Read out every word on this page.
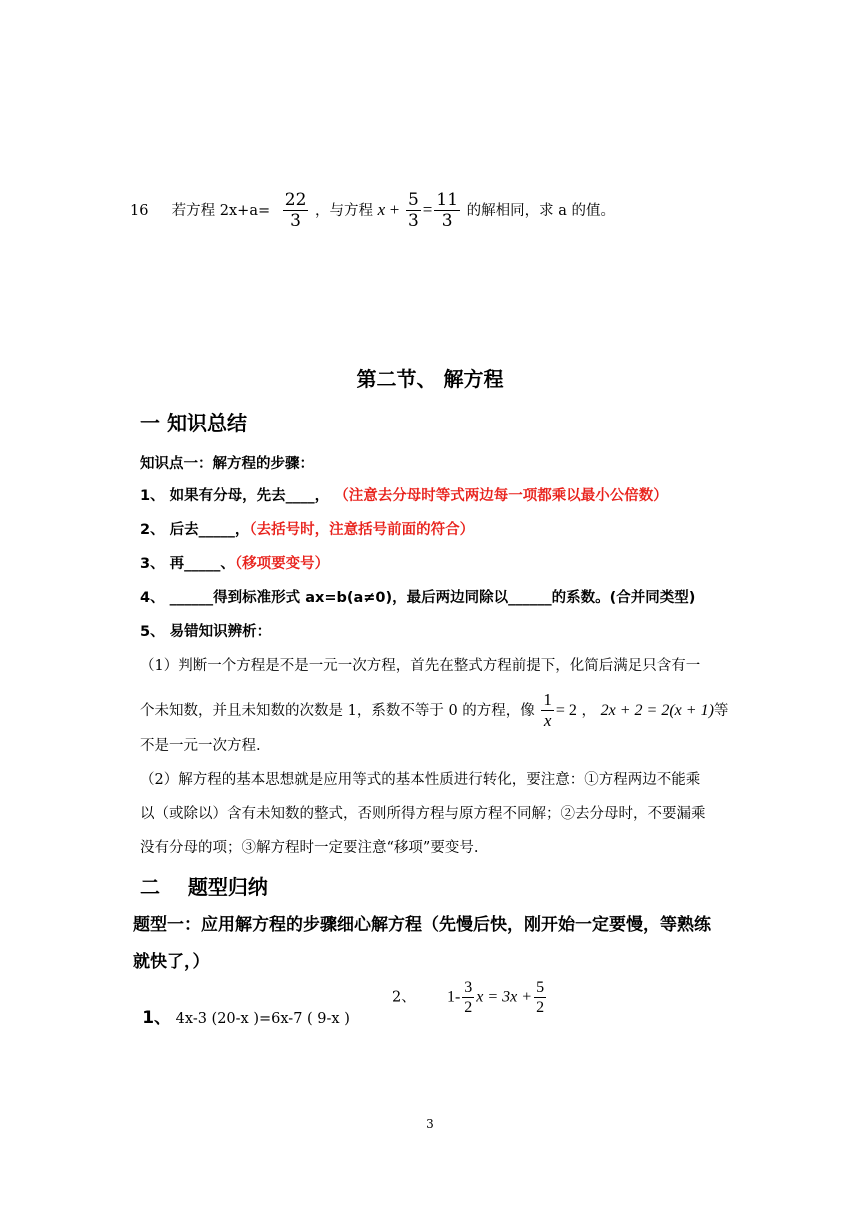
16 若方程 $2x+a= \frac{22}{3}$ ，与方程 $x + \frac{5}{3} = \frac{11}{3}$ 的解相同，求 a 的值。
第二节、 解方程
一 知识总结
知识点一：解方程的步骤：
1、 如果有分母，先去____， （注意去分母时等式两边每一项都乘以最小公倍数）
2、 后去_____，（去括号时，注意括号前面的符合）
3、 再_____、（移项要变号）
4、 ______得到标准形式 ax=b(a≠0)，最后两边同除以______的系数。(合并同类型)
5、 易错知识辨析：
（1）判断一个方程是不是一元一次方程，首先在整式方程前提下，化简后满足只含有一
个未知数，并且未知数的次数是 1，系数不等于 0 的方程，像 $\frac{1}{x} = 2$ ， 2x + 2 = 2(x + 1)等
不是一元一次方程.
（2）解方程的基本思想就是应用等式的基本性质进行转化，要注意：①方程两边不能乘
以（或除以）含有未知数的整式，否则所得方程与原方程不同解；②去分母时，不要漏乘
没有分母的项；③解方程时一定要注意“移项”要变号.
二    题型归纳
题型一：应用解方程的步骤细心解方程（先慢后快，刚开始一定要慢，等熟练
就快了，）

1、 4x-3 (20-x )=6x-7 ( 9-x )

2、 $1- \frac{3}{2}$ $x = 3x + \frac{5}{2}$
3
